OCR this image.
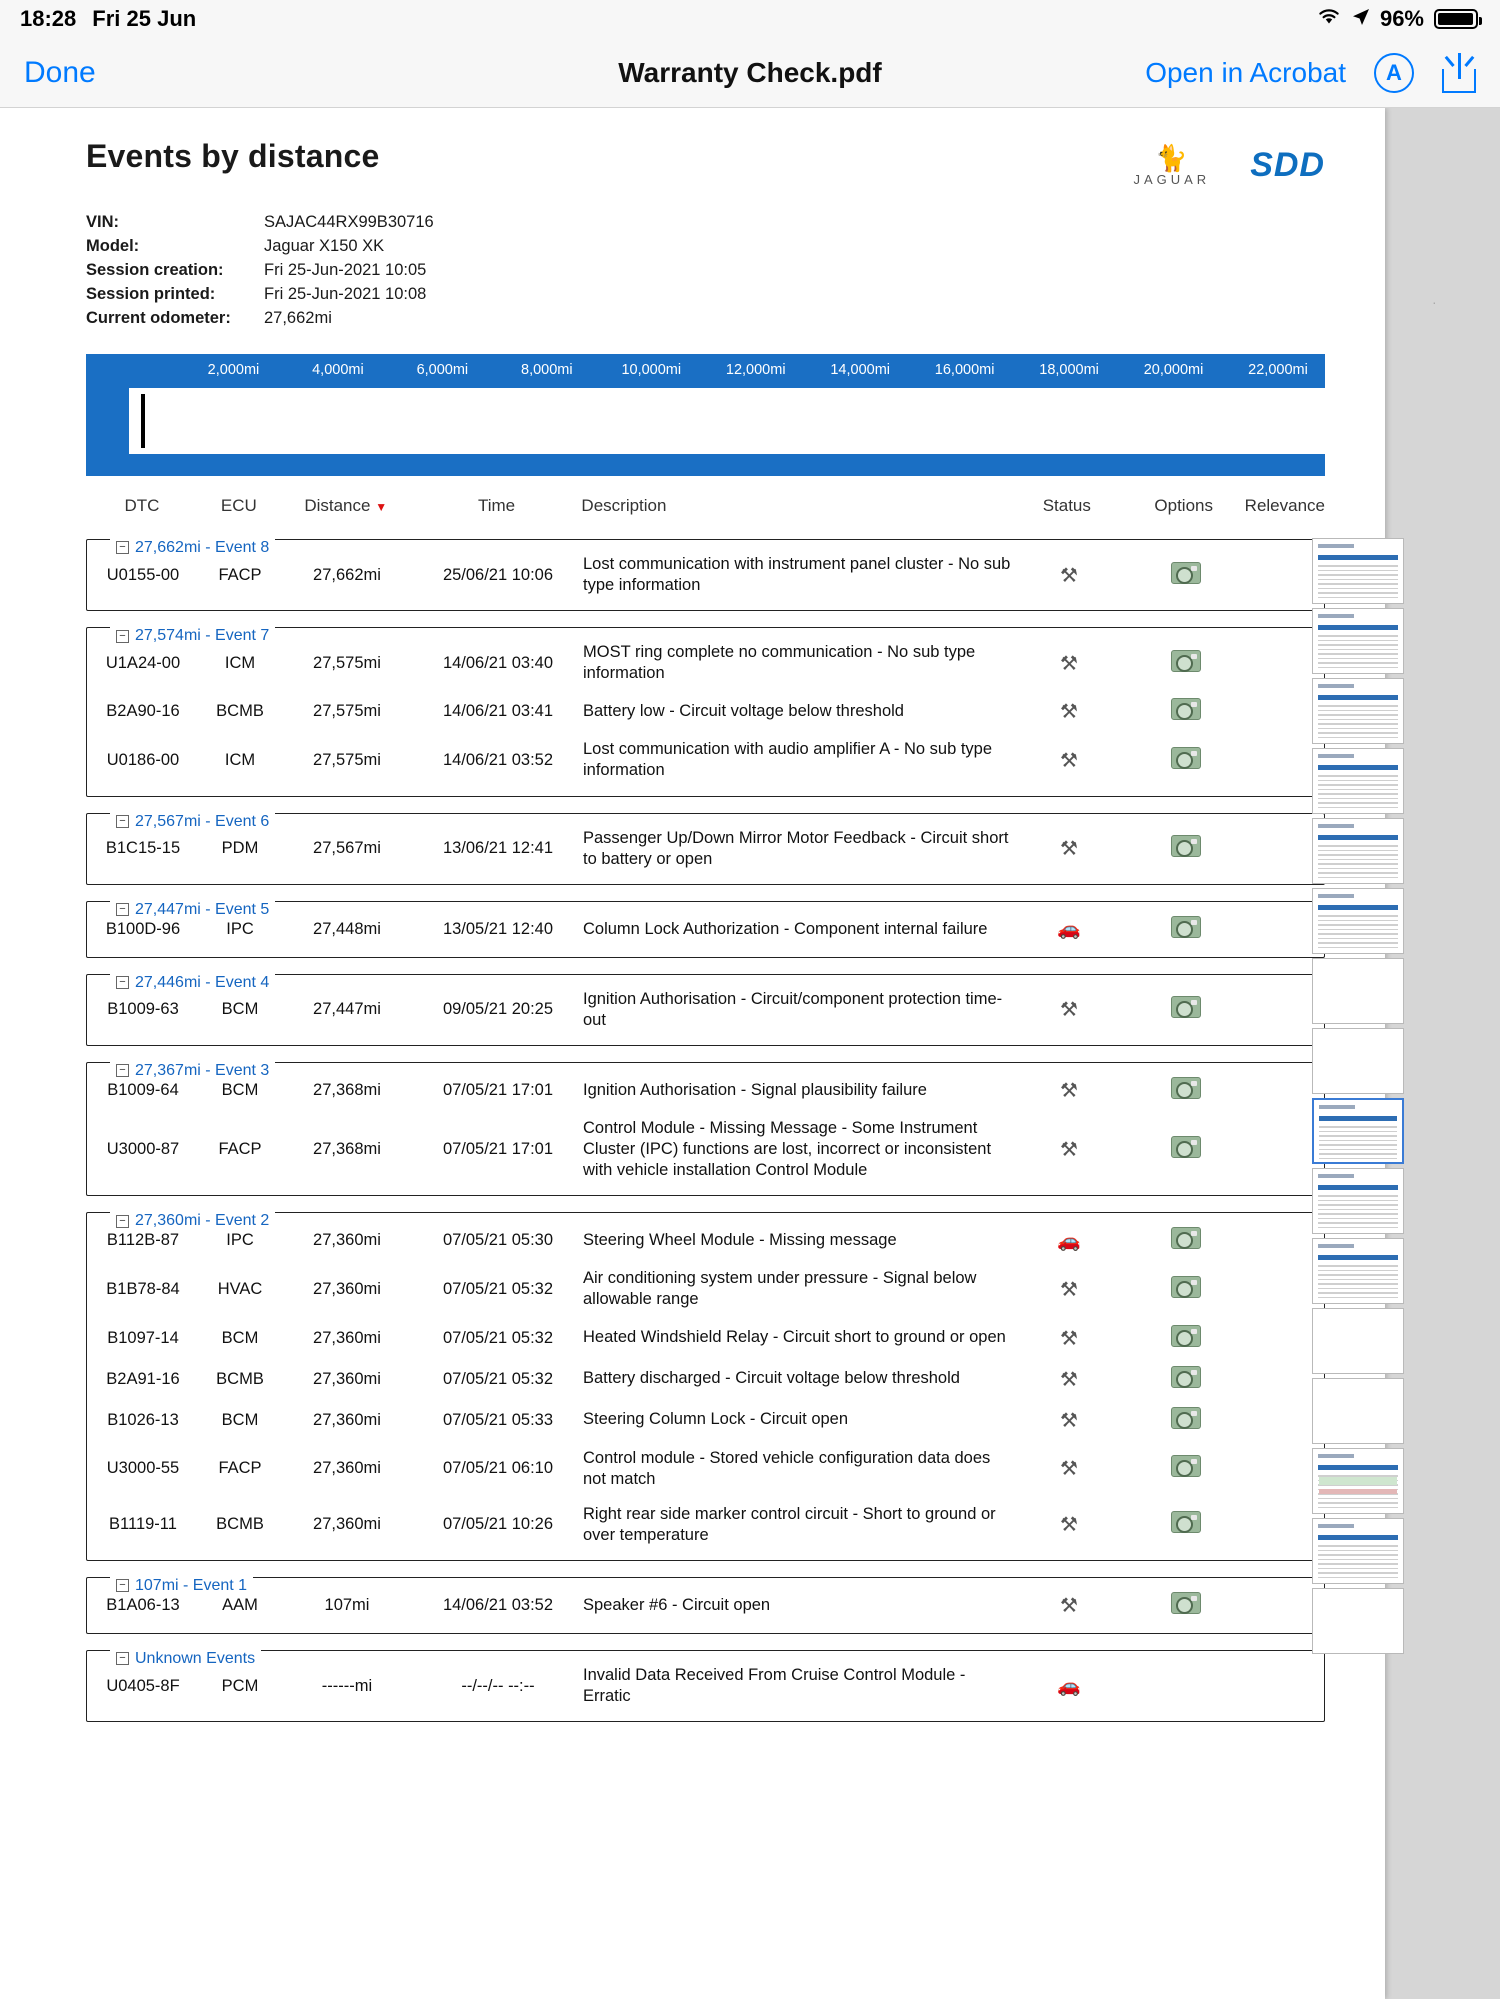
18:28 Fri 25 Jun	96%
Done	Warranty Check.pdf	Open in Acrobat	A
·
Events by distance	🐈
JAGUAR SDD
VIN:	SAJAC44RX99B30716
Model:	Jaguar X150 XK
Session creation:	Fri 25-Jun-2021 10:05
Session printed:	Fri 25-Jun-2021 10:08
Current odometer:	27,662mi
2,000mi	4,000mi	6,000mi	8,000mi	10,000mi	12,000mi	14,000mi	16,000mi	18,000mi	20,000mi	22,000mi
DTC	ECU	Distance ▼	Time	Description	Status	Options	Relevance
− 27,662mi - Event 8
U0155-00	FACP	27,662mi	25/06/21 10:06	Lost communication with instrument panel cluster - No sub type information	⚒		
− 27,574mi - Event 7
U1A24-00	ICM	27,575mi	14/06/21 03:40	MOST ring complete no communication - No sub type information	⚒		
B2A90-16	BCMB	27,575mi	14/06/21 03:41	Battery low - Circuit voltage below threshold	⚒		
U0186-00	ICM	27,575mi	14/06/21 03:52	Lost communication with audio amplifier A - No sub type information	⚒		
− 27,567mi - Event 6
B1C15-15	PDM	27,567mi	13/06/21 12:41	Passenger Up/Down Mirror Motor Feedback - Circuit short to battery or open	⚒		
− 27,447mi - Event 5
B100D-96	IPC	27,448mi	13/05/21 12:40	Column Lock Authorization - Component internal failure	🚗		
− 27,446mi - Event 4
B1009-63	BCM	27,447mi	09/05/21 20:25	Ignition Authorisation - Circuit/component protection time-out	⚒		
− 27,367mi - Event 3
B1009-64	BCM	27,368mi	07/05/21 17:01	Ignition Authorisation - Signal plausibility failure	⚒		
U3000-87	FACP	27,368mi	07/05/21 17:01	Control Module - Missing Message - Some Instrument Cluster (IPC) functions are lost, incorrect or inconsistent with vehicle installation Control Module	⚒		
− 27,360mi - Event 2
B112B-87	IPC	27,360mi	07/05/21 05:30	Steering Wheel Module - Missing message	🚗		
B1B78-84	HVAC	27,360mi	07/05/21 05:32	Air conditioning system under pressure - Signal below allowable range	⚒		
B1097-14	BCM	27,360mi	07/05/21 05:32	Heated Windshield Relay - Circuit short to ground or open	⚒		
B2A91-16	BCMB	27,360mi	07/05/21 05:32	Battery discharged - Circuit voltage below threshold	⚒		
B1026-13	BCM	27,360mi	07/05/21 05:33	Steering Column Lock - Circuit open	⚒		
U3000-55	FACP	27,360mi	07/05/21 06:10	Control module - Stored vehicle configuration data does not match	⚒		
B1119-11	BCMB	27,360mi	07/05/21 10:26	Right rear side marker control circuit - Short to ground or over temperature	⚒		
− 107mi - Event 1
B1A06-13	AAM	107mi	14/06/21 03:52	Speaker #6 - Circuit open	⚒		
− Unknown Events
U0405-8F	PCM	------mi	--/--/-- --:--	Invalid Data Received From Cruise Control Module - Erratic	🚗		
